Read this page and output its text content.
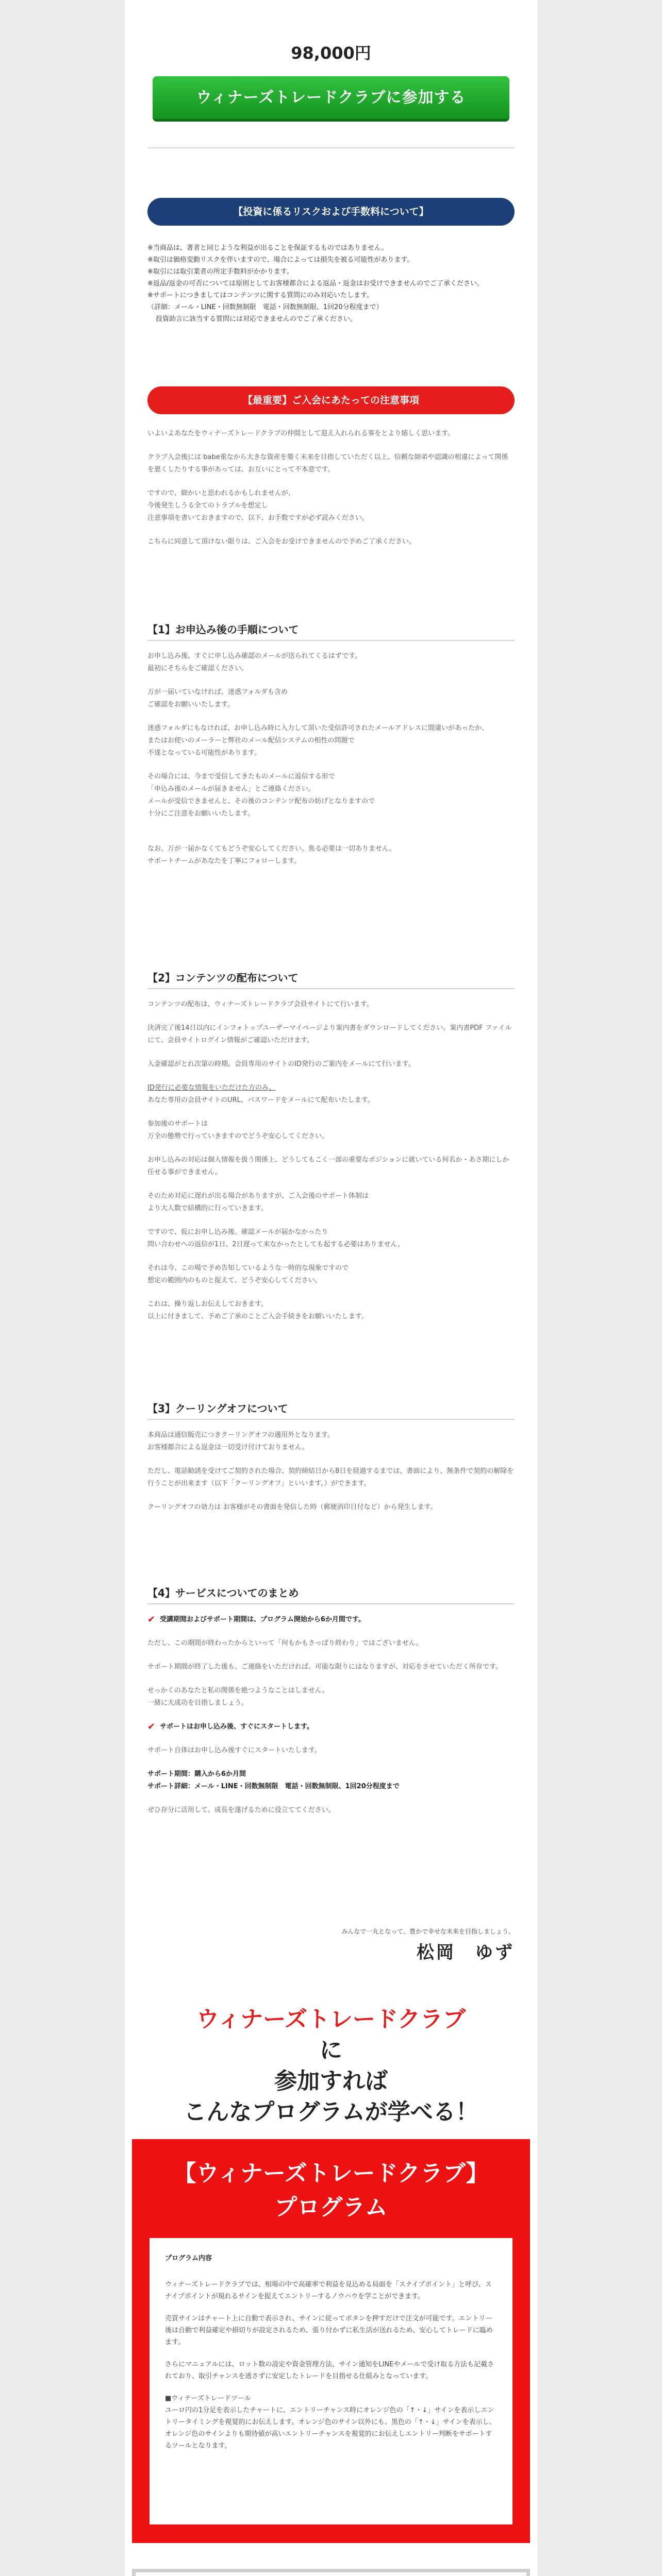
98,000円
ウィナーズトレードクラブに参加する
【投資に係るリスクおよび手数料について】
※当商品は、著者と同じような利益が出ることを保証するものではありません。
※取引は価格変動リスクを伴いますので、場合によっては損失を被る可能性があります。
※取引には取引業者の所定手数料がかかります。
※返品/返金の可否については原則としてお客様都合による返品・返金はお受けできませんのでご了承ください。
※サポートにつきましてはコンテンツに関する質問にのみ対応いたします。
（詳細：メール・LINE・回数無制限　電話・回数無制限、1回20分程度まで）
投資助言に該当する質問には対応できませんのでご了承ください。
【最重要】ご入会にあたっての注意事項

いよいよあなたをウィナーズトレードクラブの仲間として迎え入れられる事をとより嬉しく思います。

クラブ入会後には babe重なから大きな資産を築く未来を目指していただく以上、信頼な師弟や認識の相違によって関係を悪くしたりする事があっては、お互いにとって不本意です。

ですので、細かいと思われるかもしれませんが、
今後発生しうる全てのトラブルを想定し
注意事項を書いておきますので、以下、お手数ですが必ず読みください。

こちらに同意して頂けない限りは、ご入会をお受けできませんので予めご了承ください。

【1】お申込み後の手順について

お申し込み後、すぐに申し込み確認のメールが送られてくるはずです。
最初にそちらをご確認ください。

万が一届いていなければ、迷惑フォルダも含め
ご確認をお願いいたします。

迷惑フォルダにもなければ、お申し込み時に入力して頂いた受信許可されたメールアドレスに間違いがあったか、
またはお使いのメーラーと弊社のメール配信システムの相性の問題で
不達となっている可能性があります。

その場合には、今まで受信してきたものメールに返信する形で
「申込み後のメールが届きません」とご連絡ください。
メールが受信できませんと、その後のコンテンツ配布の妨げとなりますので
十分にご注意をお願いいたします。

なお、万が一届かなくてもどうぞ安心してください。焦る必要は一切ありません。
サポートチームがあなたを丁寧にフォローします。

【2】コンテンツの配布について

コンテンツの配布は、ウィナーズトレードクラブ会員サイトにて行います。

決済完了後14日以内にインフォトップユーザーマイページより案内書をダウンロードしてください。案内書PDF ファイルにて、会員サイトログイン情報がご確認いただけます。

入金確認がとれ次第の時期、会員専用のサイトのID発行のご案内をメールにて行います。

ID発行に必要な情報をいただけた方のみ、
あなた専用の会員サイトのURL、パスワードをメールにて配布いたします。

参加後のサポートは
万全の態勢で行っていきますのでどうぞ安心してください。

お申し込みの対応は個人情報を扱う関係上、どうしてもこく一部の重要なポジションに就いている何名か・あさ期にしか任せる事ができません。

そのため対応に遅れが出る場合がありますが、ご入会後のサポート体制は
より大人数で結構的に行っていきます。

ですので、仮にお申し込み後、確認メールが届かなかったり
問い合わせへの返信が1日、2日遅って来なかったとしても起する必要はありません。

それは今、この場で予め告知しているような一時的な現象ですので
想定の範囲内のものと捉えて、どうぞ安心してください。

これは、操り返しお伝えしておきます。
以上に付きまして、予めご了承のことご入会手続きをお願いいたします。

【3】クーリングオフについて

本商品は通信販売につきクーリングオフの適用外となります。
お客様都合による返金は一切受け付けておりません。

ただし、電話勧誘を受けてご契約された場合、契約締結日から8日を経過するまでは、書面により、無条件で契約の解除を行うことが出来ます（以下「クーリングオフ」といいます。）ができます。

クーリングオフの効力は お客様がその書面を発信した時（郵便消印日付など）から発生します。

【4】サービスについてのまとめ

✔ 受講期間およびサポート期間は、プログラム開始から6か月間です。

ただし、この期間が終わったからといって「何もかもさっぱり終わり」ではございません。

サポート期間が終了した後も、ご連絡をいただければ、可能な限りにはなりますが、対応をさせていただく所存です。

せっかくのあなたと私の関係を絶つようなことはしません。
一緒に大成功を目指しましょう。

✔ サポートはお申し込み後、すぐにスタートします。

サポート自体はお申し込み後すぐにスタートいたします。

サポート期間：購入から6か月間
サポート詳細：メール・LINE・回数無制限　電話・回数無制限、1回20分程度まで

ぜひ存分に活用して、成長を遂げるために役立ててください。

みんなで一丸となって、豊かで幸せな未来を目指しましょう。
松岡　ゆず
ウィナーズトレードクラブ
に
参加すれば
こんなプログラムが学べる！
【ウィナーズトレードクラブ】
プログラム
プログラム内容

ウィナーズトレードクラブでは、相場の中で高確率で利益を見込める局面を「スナイプポイント」と呼び、スナイプポイントが現れるサインを捉えてエントリーするノウハウを学ことができます。

売買サインはチャート上に自動で表示され、サインに従ってボタンを押すだけで注文が可能です。エントリー後は自動で利益確定や損切りが設定されるため、張り付かずに私生活が送れるため、安心してトレードに臨めます。

さらにマニュアルには、ロット数の設定や資金管理方法、サイン通知をLINEやメールで受け取る方法も記載されており、取引チャンスを逃さずに安定したトレードを目指せる仕組みとなっています。

■ウィナーズトレードツール
ユーロ円の1分足を表示したチャートに、エントリーチャンス時にオレンジ色の「↑・↓」サインを表示しエントリータイミングを視覚的にお伝えします。オレンジ色のサイン以外にも、黒色の「↑・↓」サインを表示し、オレンジ色のサインよりも期待値が高いエントリーチャンスを視覚的にお伝えしエントリー判断をサポートするツールとなります。
